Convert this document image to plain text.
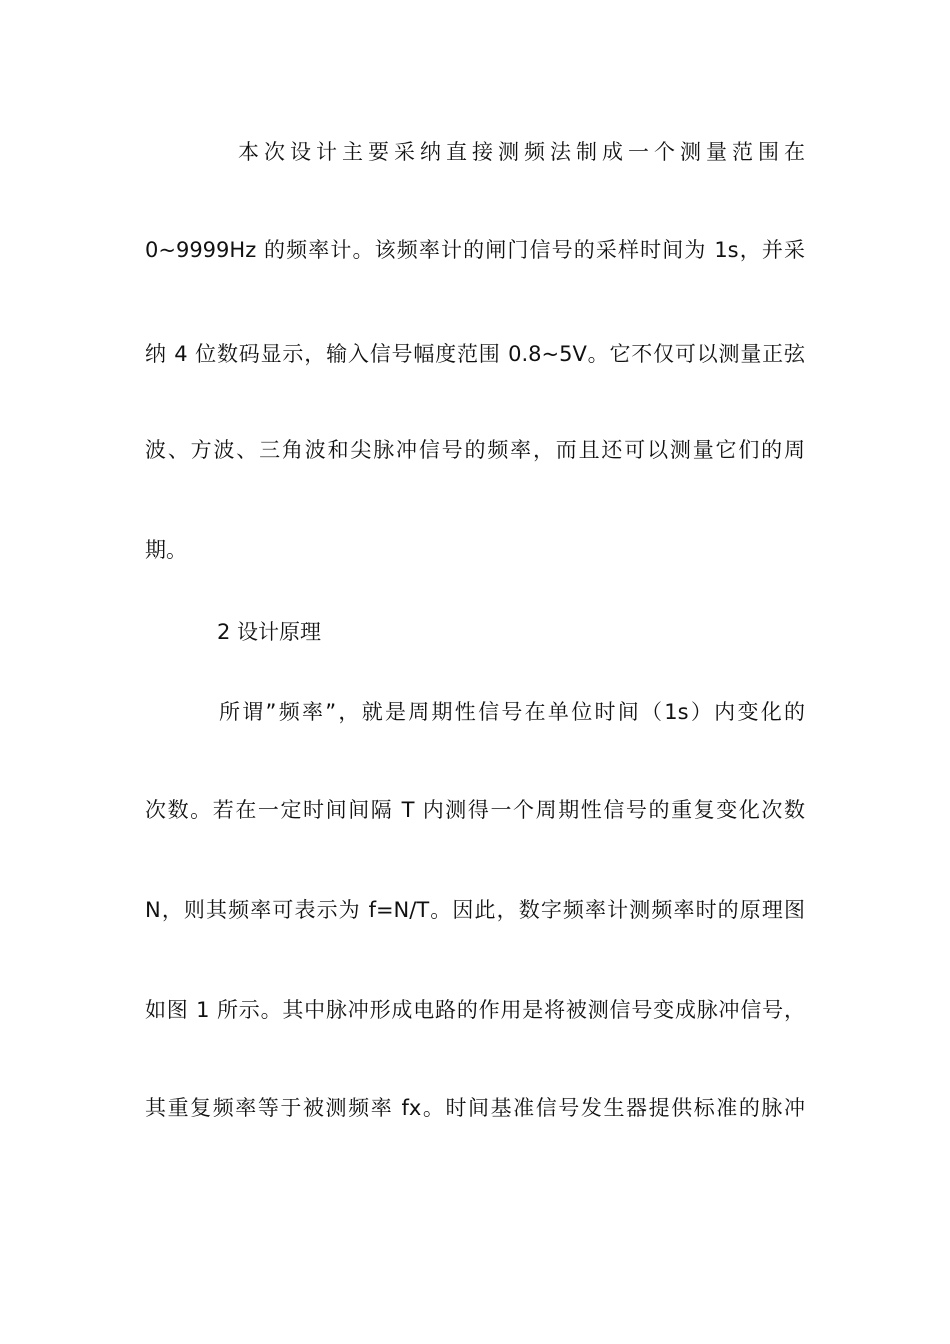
本次设计主要采纳直接测频法制成一个测量范围在
0~9999Hz 的频率计。该频率计的闸门信号的采样时间为 1s，并采
纳 4 位数码显示，输入信号幅度范围 0.8~5V。它不仅可以测量正弦
波、方波、三角波和尖脉冲信号的频率，而且还可以测量它们的周
期。
2 设计原理
所谓”频率”，就是周期性信号在单位时间（1s）内变化的
次数。若在一定时间间隔 T 内测得一个周期性信号的重复变化次数
N，则其频率可表示为 f=N/T。因此，数字频率计测频率时的原理图
如图 1 所示。其中脉冲形成电路的作用是将被测信号变成脉冲信号，
其重复频率等于被测频率 fx。时间基准信号发生器提供标准的脉冲
